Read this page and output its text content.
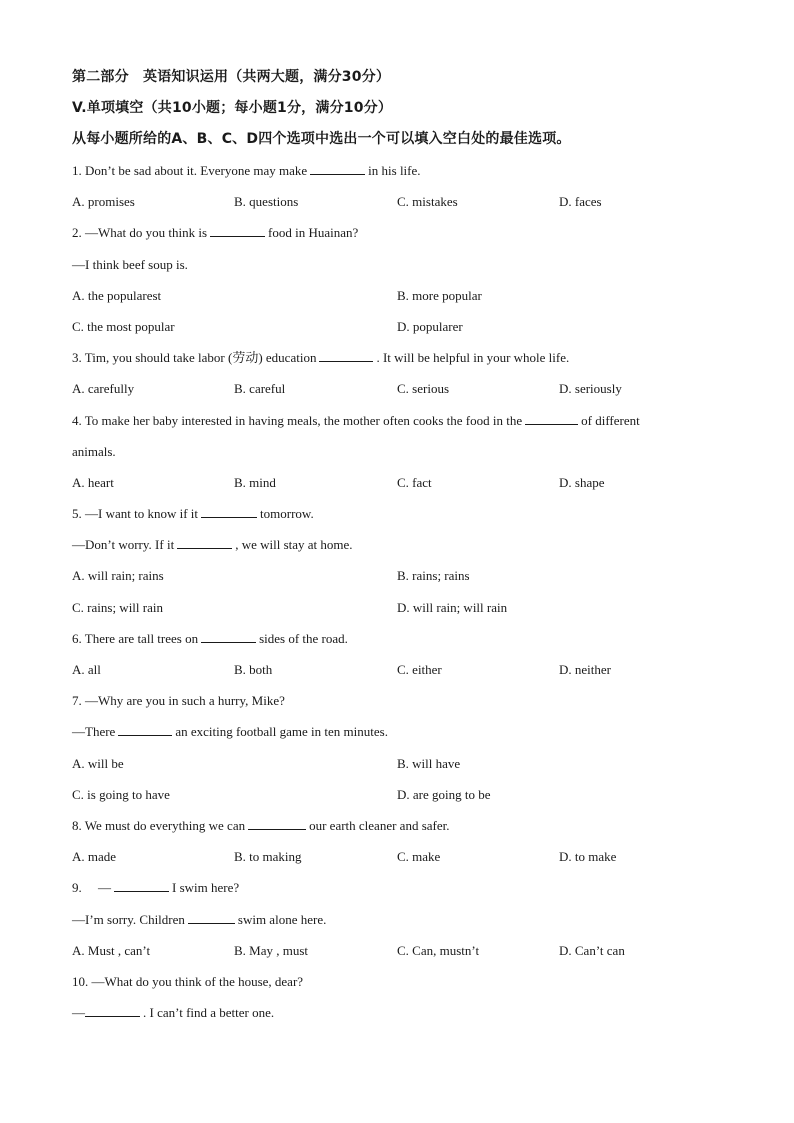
第二部分　英语知识运用（共两大题，满分30分）
V.单项填空（共10小题；每小题1分，满分10分）
从每小题所给的A、B、C、D四个选项中选出一个可以填入空白处的最佳选项。
1. Don’t be sad about it. Everyone may make	in his life.
A. promises	B. questions	C. mistakes	D. faces
2. —What do you think is	food in Huainan?
—I think beef soup is.
A. the popularest	B. more popular
C. the most popular	D. popularer
3. Tim, you should take labor (劳动) education	. It will be helpful in your whole life.
A. carefully	B. careful	C. serious	D. seriously
4. To make her baby interested in having meals, the mother often cooks the food in the	of different
animals.
A. heart	B. mind	C. fact	D. shape
5. —I want to know if it	tomorrow.
—Don’t worry. If it	, we will stay at home.
A. will rain; rains	B. rains; rains
C. rains; will rain	D. will rain; will rain
6. There are tall trees on	sides of the road.
A. all	B. both	C. either	D. neither
7. —Why are you in such a hurry, Mike?
—There	an exciting football game in ten minutes.
A. will be	B. will have
C. is going to have	D. are going to be
8. We must do everything we can	our earth cleaner and safer.
A. made	B. to making	C. make	D. to make
9.     —	I swim here?
—I’m sorry. Children	swim alone here.
A. Must , can’t	B. May , must	C. Can, mustn’t	D. Can’t can
10. —What do you think of the house, dear?
—	. I can’t find a better one.
